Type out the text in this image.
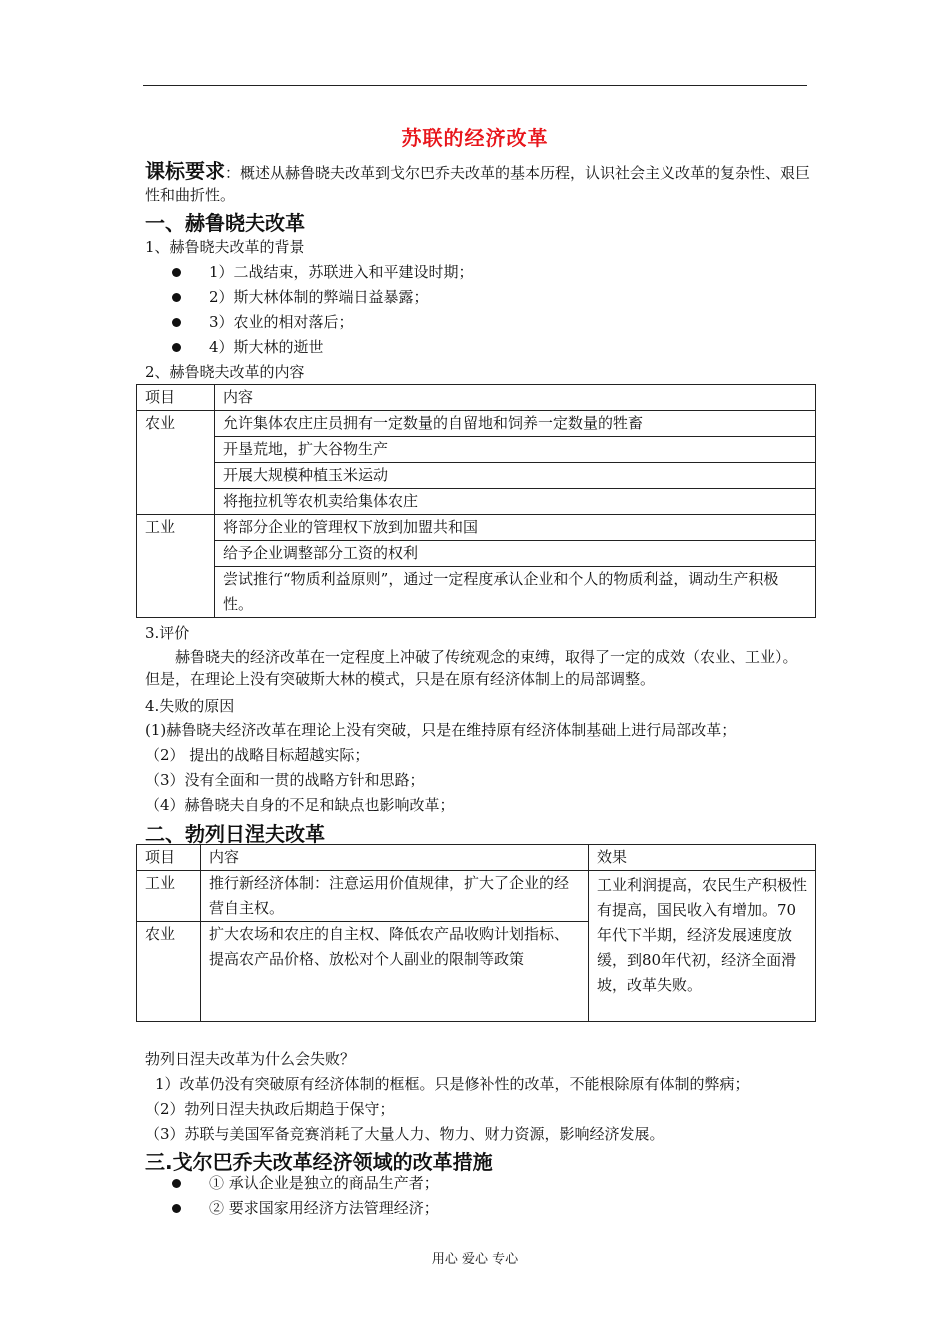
苏联的经济改革
课标要求：概述从赫鲁晓夫改革到戈尔巴乔夫改革的基本历程，认识社会主义改革的复杂性、艰巨性和曲折性。
一、赫鲁晓夫改革
1、赫鲁晓夫改革的背景
1）二战结束，苏联进入和平建设时期；
2）斯大林体制的弊端日益暴露；
3）农业的相对落后；
4）斯大林的逝世
2、赫鲁晓夫改革的内容
项目	内容
农业	允许集体农庄庄员拥有一定数量的自留地和饲养一定数量的牲畜
	开垦荒地，扩大谷物生产
	开展大规模种植玉米运动
	将拖拉机等农机卖给集体农庄
工业	将部分企业的管理权下放到加盟共和国
	给予企业调整部分工资的权利
	尝试推行“物质利益原则”，通过一定程度承认企业和个人的物质利益，调动生产积极性。
3.评价
赫鲁晓夫的经济改革在一定程度上冲破了传统观念的束缚，取得了一定的成效（农业、工业）。但是，在理论上没有突破斯大林的模式，只是在原有经济体制上的局部调整。
4.失败的原因
(1)赫鲁晓夫经济改革在理论上没有突破，只是在维持原有经济体制基础上进行局部改革；
（2） 提出的战略目标超越实际；
（3）没有全面和一贯的战略方针和思路；
（4）赫鲁晓夫自身的不足和缺点也影响改革；
二、勃列日涅夫改革
项目	内容	效果
工业	推行新经济体制：注意运用价值规律，扩大了企业的经营自主权。	工业利润提高，农民生产积极性有提高，国民收入有增加。70年代下半期，经济发展速度放缓，到80年代初，经济全面滑坡，改革失败。
农业	扩大农场和农庄的自主权、降低农产品收购计划指标、提高农产品价格、放松对个人副业的限制等政策	
勃列日涅夫改革为什么会失败？
1）改革仍没有突破原有经济体制的框框。只是修补性的改革，不能根除原有体制的弊病；
（2）勃列日涅夫执政后期趋于保守；
（3）苏联与美国军备竞赛消耗了大量人力、物力、财力资源，影响经济发展。
三.戈尔巴乔夫改革经济领域的改革措施
① 承认企业是独立的商品生产者；
② 要求国家用经济方法管理经济；
用心 爱心 专心
